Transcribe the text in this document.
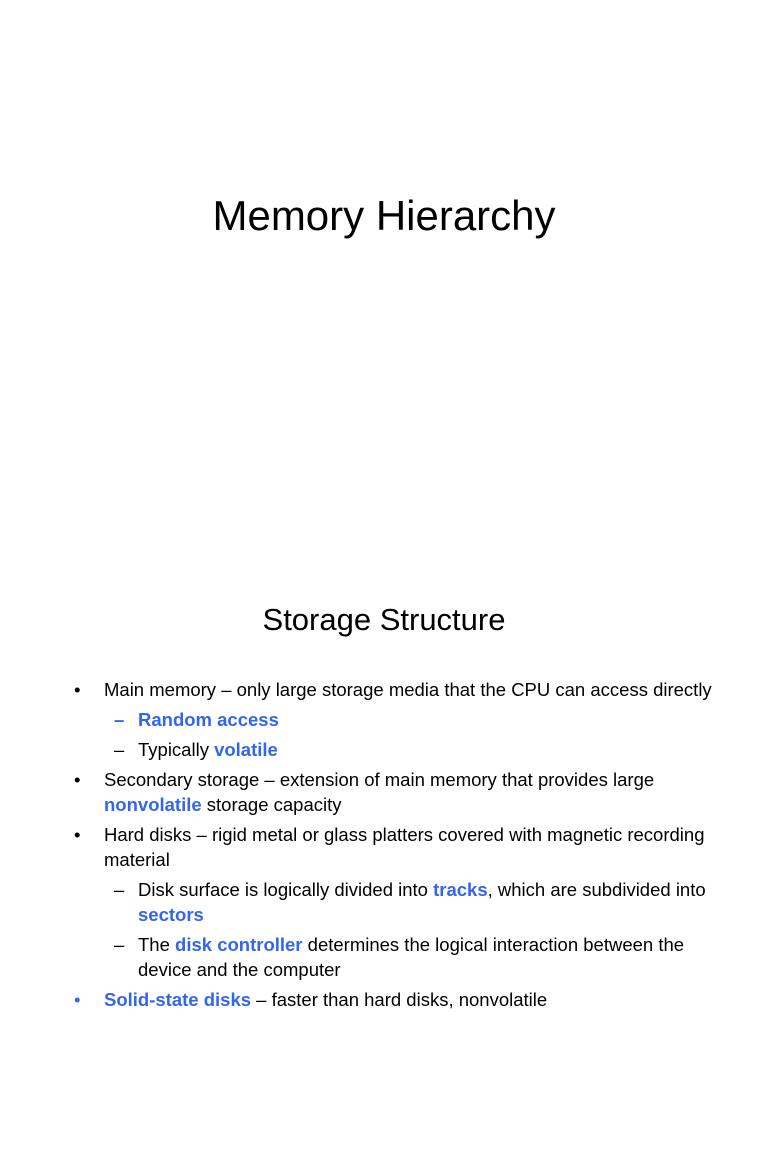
Memory Hierarchy
Storage Structure
• Main memory – only large storage media that the CPU can access directly
– Random access
– Typically volatile
• Secondary storage – extension of main memory that provides large nonvolatile storage capacity
• Hard disks – rigid metal or glass platters covered with magnetic recording material
– Disk surface is logically divided into tracks, which are subdivided into sectors
– The disk controller determines the logical interaction between the device and the computer
• Solid-state disks – faster than hard disks, nonvolatile
